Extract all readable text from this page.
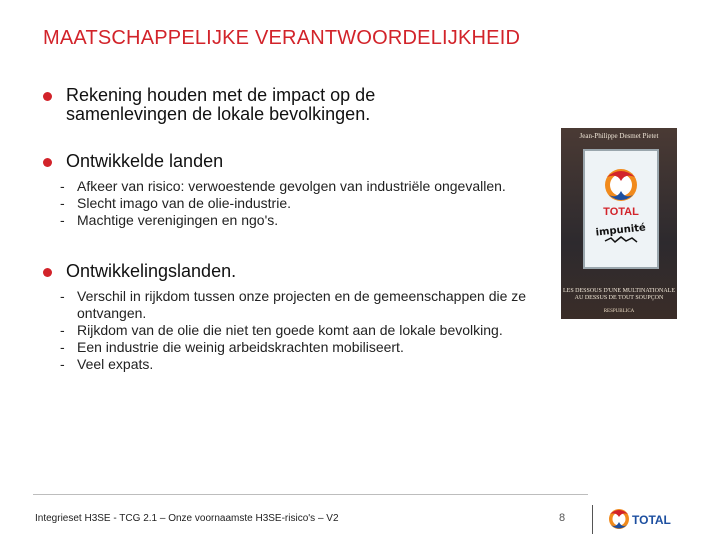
MAATSCHAPPELIJKE VERANTWOORDELIJKHEID
Rekening houden met de impact op de samenlevingen de lokale bevolkingen.
Ontwikkelde landen
- Afkeer van risico: verwoestende gevolgen van industriële ongevallen.
- Slecht imago van de olie-industrie.
- Machtige verenigingen en ngo's.
Ontwikkelingslanden.
- Verschil in rijkdom tussen onze projecten en de gemeenschappen die ze ontvangen.
- Rijkdom van de olie die niet ten goede komt aan de lokale bevolking.
- Een industrie die weinig arbeidskrachten mobiliseert.
- Veel expats.
Jean-Philippe Desmet Pietet
TOTAL
impunité
LES DESSOUS D'UNE MULTINATIONALE AU DESSUS DE TOUT SOUPÇON
RESPUBLICA
Integrieset H3SE - TCG 2.1 – Onze voornaamste H3SE-risico's – V2	8	TOTAL
